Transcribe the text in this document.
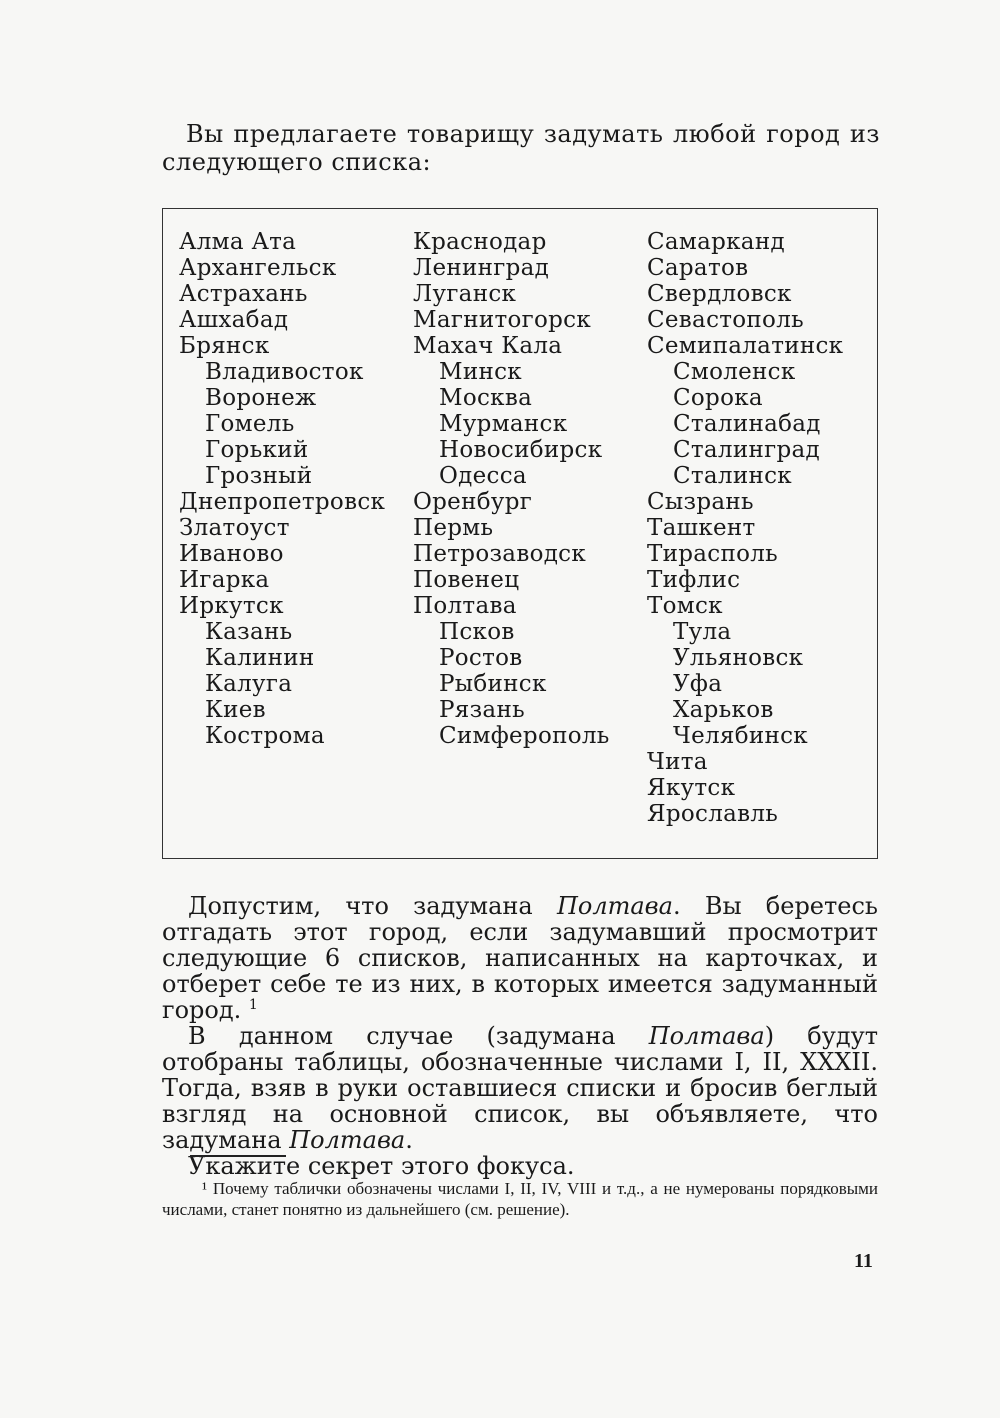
Вы предлагаете товарищу задумать любой город из
следующего списка:
Алма Ата
Архангельск
Астрахань
Ашхабад
Брянск
Владивосток
Воронеж
Гомель
Горький
Грозный
Днепропетровск
Златоуст
Иваново
Игарка
Иркутск
Казань
Калинин
Калуга
Киев
Кострома
Краснодар
Ленинград
Луганск
Магнитогорск
Махач Кала
Минск
Москва
Мурманск
Новосибирск
Одесса
Оренбург
Пермь
Петрозаводск
Повенец
Полтава
Псков
Ростов
Рыбинск
Рязань
Симферополь
Самарканд
Саратов
Свердловск
Севастополь
Семипалатинск
Смоленск
Сорока
Сталинабад
Сталинград
Сталинск
Сызрань
Ташкент
Тирасполь
Тифлис
Томск
Тула
Ульяновск
Уфа
Харьков
Челябинск
Чита
Якутск
Ярославль

Допустим, что задумана Полтава. Вы беретесь отгадать этот город, если задумавший просмотрит следующие 6 списков, написанных на карточках, и отберет себе те из них, в которых имеется задуманный город. $^1$

В данном случае (задумана Полтава) будут отобраны таблицы, обозначенные числами I, II, XXXII. Тогда, взяв в руки оставшиеся списки и бросив беглый взгляд на основной список, вы объявляете, что задумана Полтава.

Укажите секрет этого фокуса.

¹ Почему таблички обозначены числами I, II, IV, VIII и т.д., а не нумерованы порядковыми числами, станет понятно из дальнейшего (см. решение).
11
